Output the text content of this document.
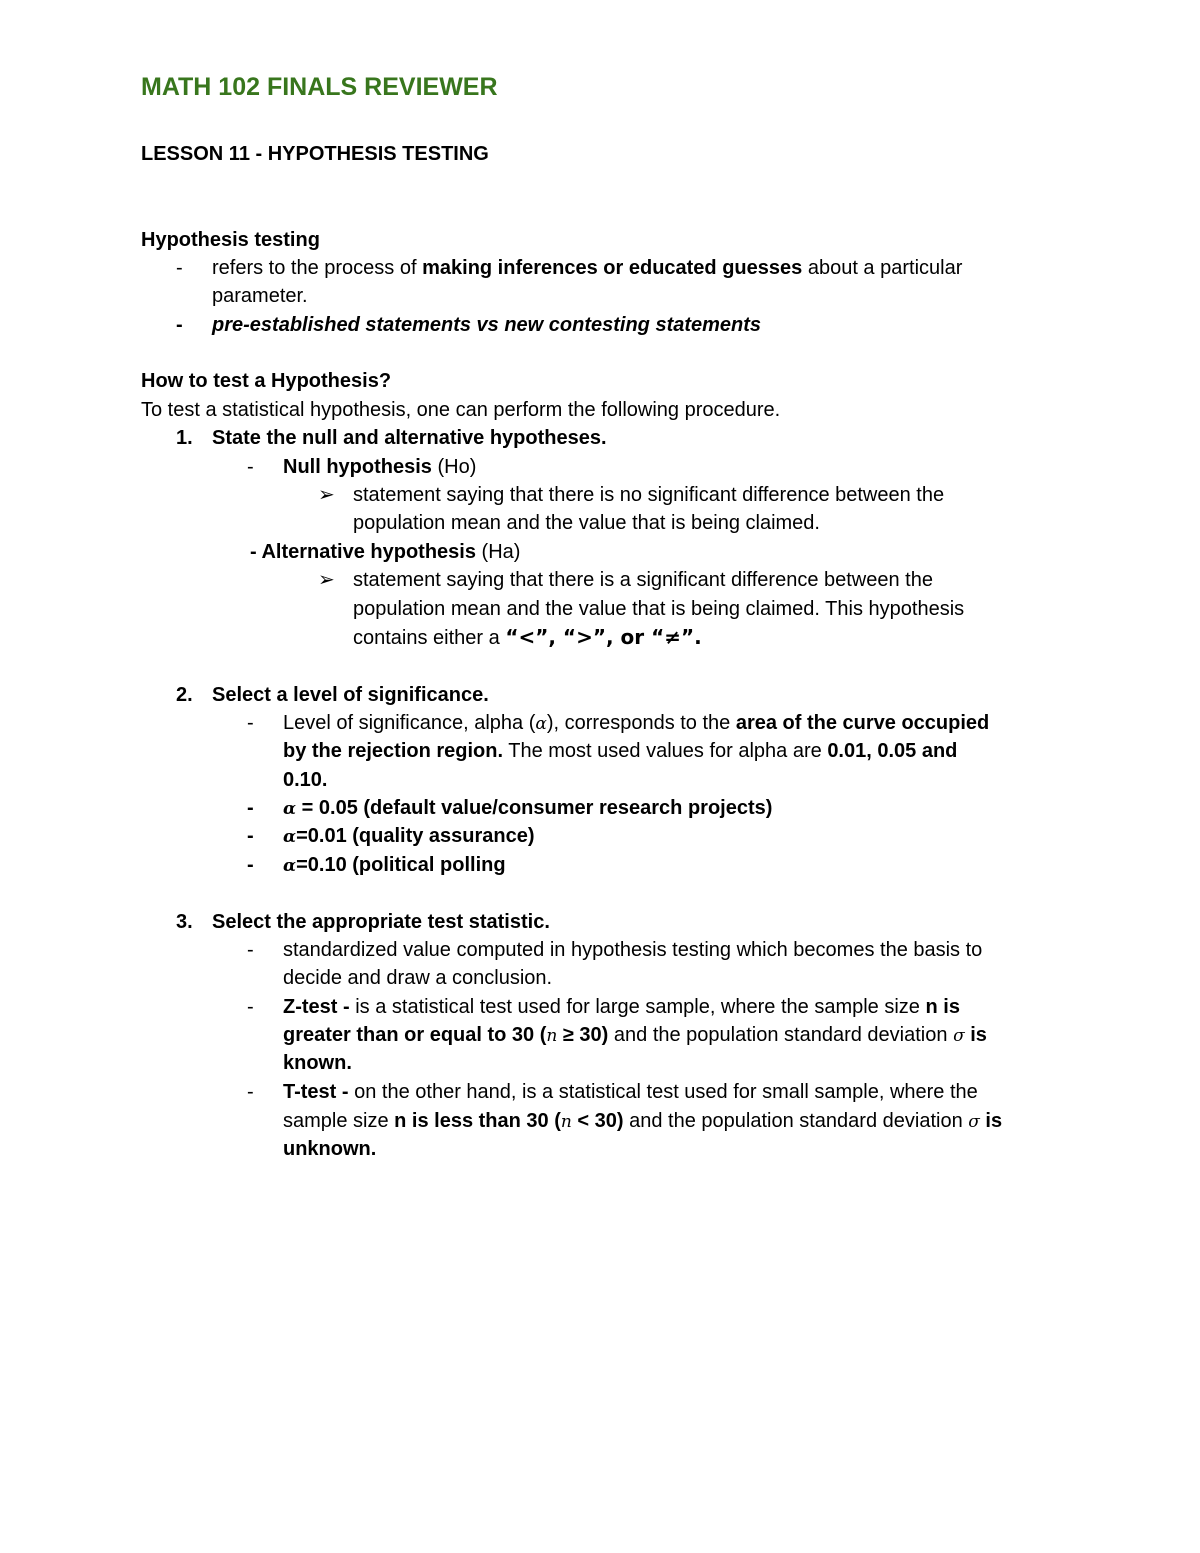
MATH 102 FINALS REVIEWER
LESSON 11 - HYPOTHESIS TESTING
Hypothesis testing
- refers to the process of making inferences or educated guesses about a particular
parameter.
- pre-established statements vs new contesting statements
How to test a Hypothesis?
To test a statistical hypothesis, one can perform the following procedure.
1. State the null and alternative hypotheses.
- Null hypothesis (Ho)
➢ statement saying that there is no significant difference between the
population mean and the value that is being claimed.
- Alternative hypothesis (Ha)
➢ statement saying that there is a significant difference between the
population mean and the value that is being claimed. This hypothesis
contains either a “<”, “>”, or “≠”.
2. Select a level of significance.
- Level of significance, alpha (α), corresponds to the area of the curve occupied
by the rejection region. The most used values for alpha are 0.01, 0.05 and
0.10.
- α = 0.05 (default value/consumer research projects)
- α=0.01 (quality assurance)
- α=0.10 (political polling
3. Select the appropriate test statistic.
- standardized value computed in hypothesis testing which becomes the basis to
decide and draw a conclusion.
- Z-test - is a statistical test used for large sample, where the sample size n is
greater than or equal to 30 (n ≥ 30) and the population standard deviation σ is
known.
- T-test - on the other hand, is a statistical test used for small sample, where the
sample size n is less than 30 (n < 30) and the population standard deviation σ is
unknown.
